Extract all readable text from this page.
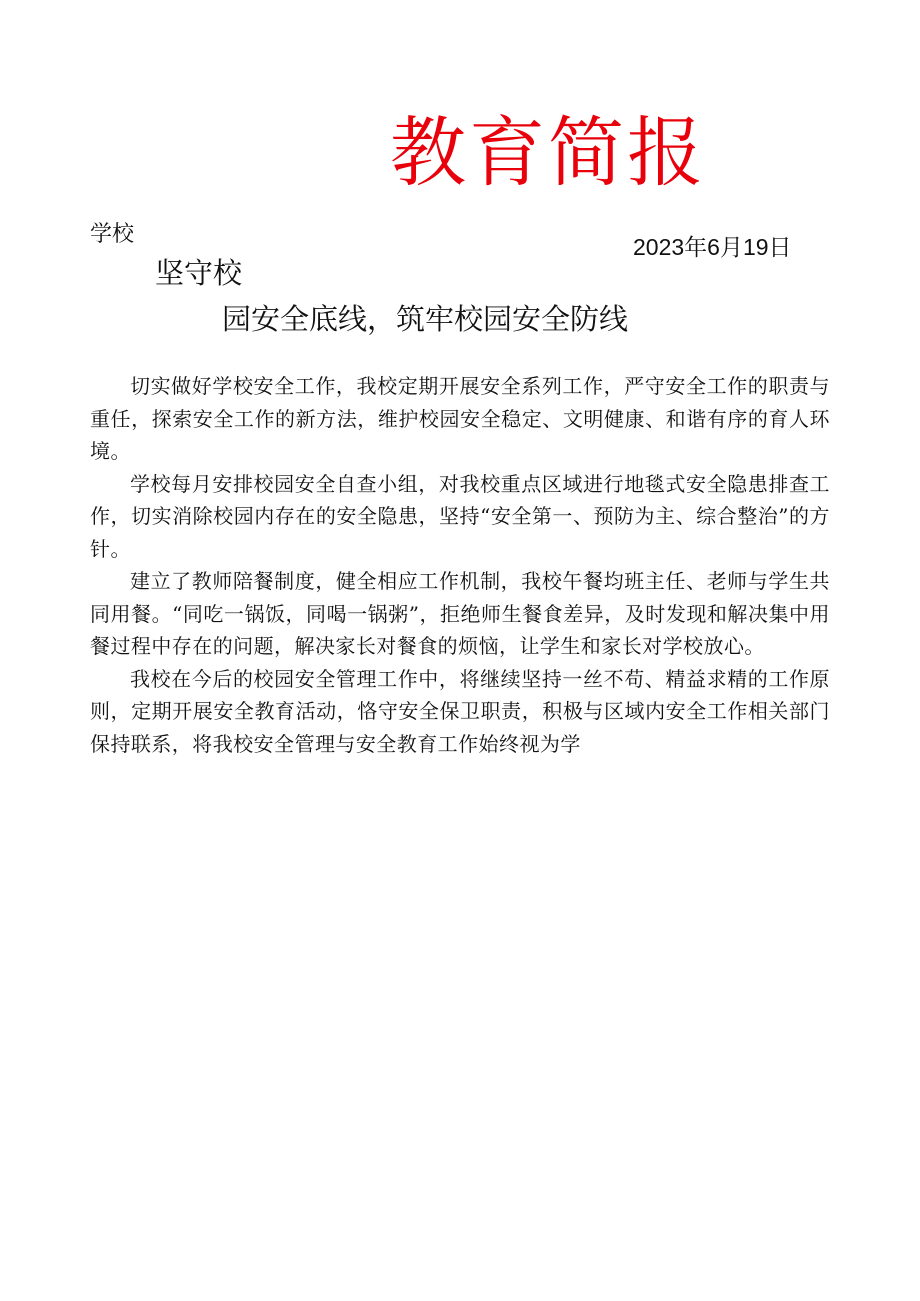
教育简报
学校	2023年6月19日
坚守校
园安全底线，筑牢校园安全防线

切实做好学校安全工作，我校定期开展安全系列工作，严守安全工作的职责与重任，探索安全工作的新方法，维护校园安全稳定、文明健康、和谐有序的育人环境。

学校每月安排校园安全自查小组，对我校重点区域进行地毯式安全隐患排查工作，切实消除校园内存在的安全隐患，坚持“安全第一、预防为主、综合整治”的方针。

建立了教师陪餐制度，健全相应工作机制，我校午餐均班主任、老师与学生共同用餐。“同吃一锅饭，同喝一锅粥”，拒绝师生餐食差异，及时发现和解决集中用餐过程中存在的问题，解决家长对餐食的烦恼，让学生和家长对学校放心。

我校在今后的校园安全管理工作中，将继续坚持一丝不苟、精益求精的工作原则，定期开展安全教育活动，恪守安全保卫职责，积极与区域内安全工作相关部门保持联系，将我校安全管理与安全教育工作始终视为学
